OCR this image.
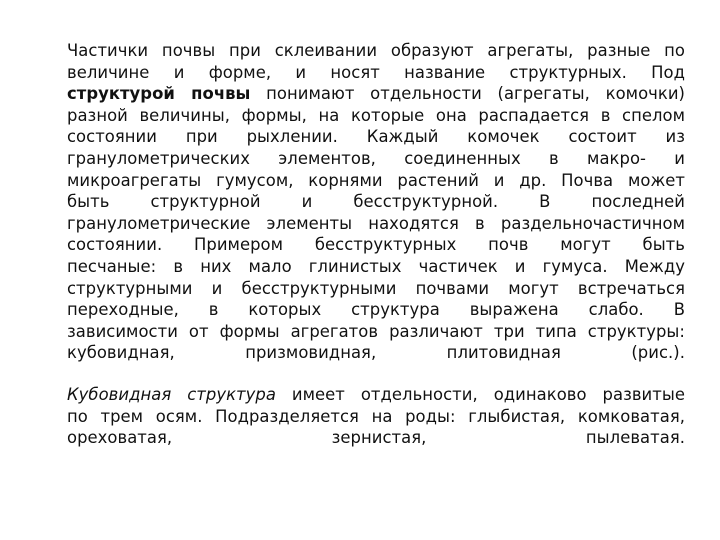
Частички почвы при склеивании образуют агрегаты, разные по
величине и форме, и носят название структурных. Под
структурой почвы понимают отдельности (агрегаты, комочки)
разной величины, формы, на которые она распадается в спелом
состоянии при рыхлении. Каждый комочек состоит из
гранулометрических элементов, соединенных в макро- и
микроагрегаты гумусом, корнями растений и др. Почва может
быть структурной и бесструктурной. В последней
гранулометрические элементы находятся в раздельночастичном
состоянии. Примером бесструктурных почв могут быть
песчаные: в них мало глинистых частичек и гумуса. Между
структурными и бесструктурными почвами могут встречаться
переходные, в которых структура выражена слабо. В
зависимости от формы агрегатов различают три типа структуры:
кубовидная, призмовидная, плитовидная (рис.).
Кубовидная структура имеет отдельности, одинаково развитые
по трем осям. Подразделяется на роды: глыбистая, комковатая,
ореховатая, зернистая, пылеватая.
